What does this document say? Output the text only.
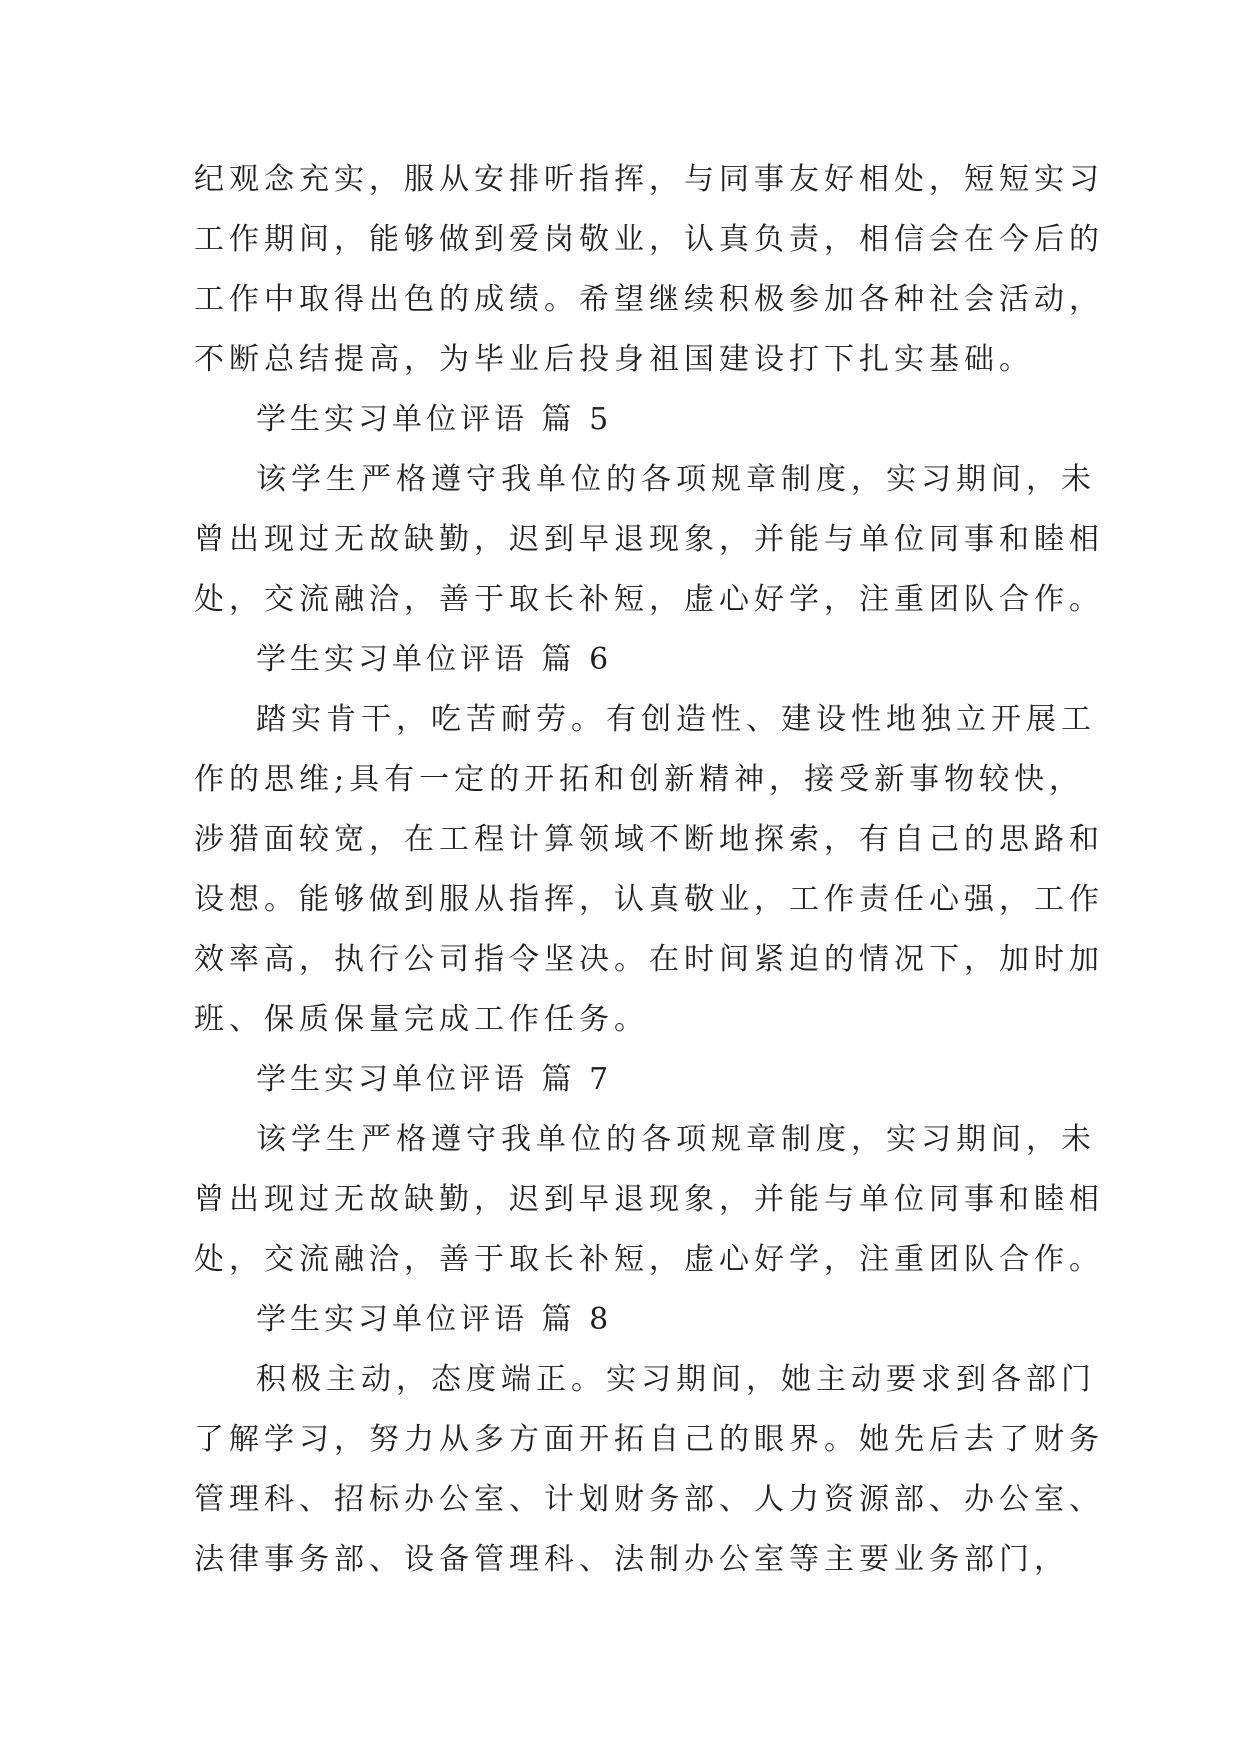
纪观念充实，服从安排听指挥，与同事友好相处，短短实习
工作期间，能够做到爱岗敬业，认真负责，相信会在今后的
工作中取得出色的成绩。希望继续积极参加各种社会活动，
不断总结提高，为毕业后投身祖国建设打下扎实基础。
学生实习单位评语 篇 5
该学生严格遵守我单位的各项规章制度，实习期间，未
曾出现过无故缺勤，迟到早退现象，并能与单位同事和睦相
处，交流融洽，善于取长补短，虚心好学，注重团队合作。
学生实习单位评语 篇 6
踏实肯干，吃苦耐劳。有创造性、建设性地独立开展工
作的思维;具有一定的开拓和创新精神，接受新事物较快，
涉猎面较宽，在工程计算领域不断地探索，有自己的思路和
设想。能够做到服从指挥，认真敬业，工作责任心强，工作
效率高，执行公司指令坚决。在时间紧迫的情况下，加时加
班、保质保量完成工作任务。
学生实习单位评语 篇 7
该学生严格遵守我单位的各项规章制度，实习期间，未
曾出现过无故缺勤，迟到早退现象，并能与单位同事和睦相
处，交流融洽，善于取长补短，虚心好学，注重团队合作。
学生实习单位评语 篇 8
积极主动，态度端正。实习期间，她主动要求到各部门
了解学习，努力从多方面开拓自己的眼界。她先后去了财务
管理科、招标办公室、计划财务部、人力资源部、办公室、
法律事务部、设备管理科、法制办公室等主要业务部门，
